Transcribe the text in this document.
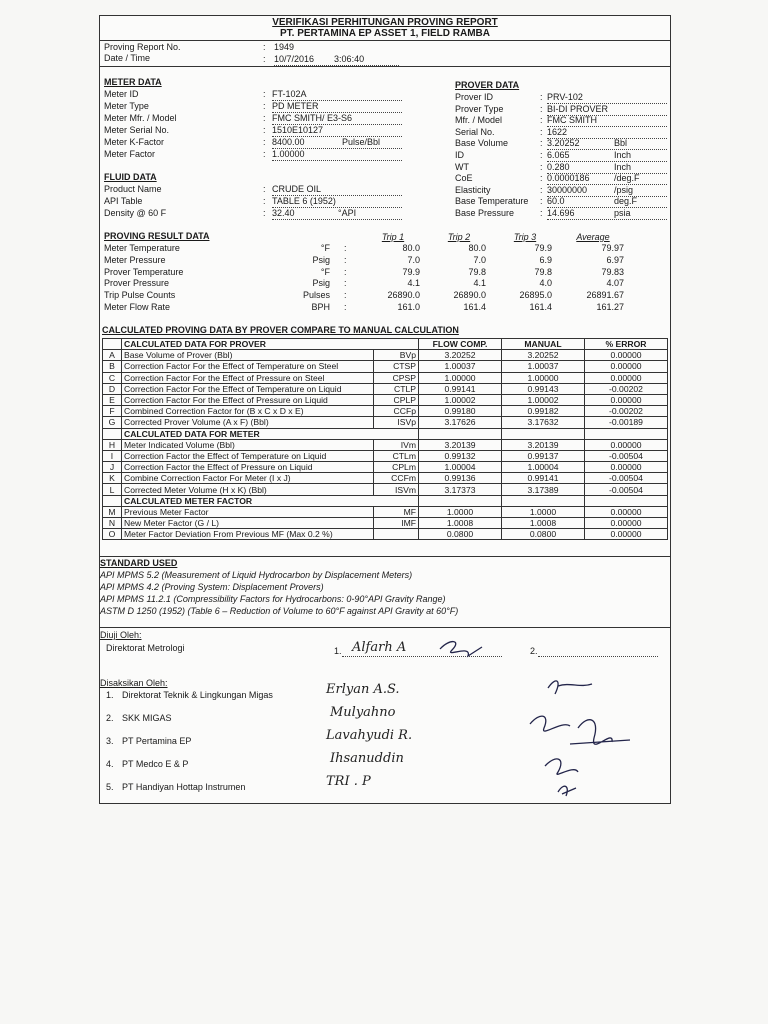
VERIFIKASI PERHITUNGAN PROVING REPORT
PT. PERTAMINA EP ASSET 1, FIELD RAMBA
Proving Report No.	: 1949
Date / Time	: 10/7/2016 3:06:40
METER DATA
Meter ID	: FT-102A
Meter Type	: PD METER
Meter Mfr. / Model	: FMC SMITH/ E3-S6
Meter Serial No.	: 1510E10127
Meter K-Factor	: 8400.00	Pulse/Bbl
Meter Factor	: 1.00000
PROVER DATA
Prover ID	: PRV-102
Prover Type	: BI-DI PROVER
Mfr. / Model	: FMC SMITH
Serial No.	: 1622
Base Volume	: 3.20252	Bbl
ID	: 6.065	Inch
WT	: 0.280	Inch
CoE	: 0.0000186	/deg.F
Elasticity	: 30000000	/psig
Base Temperature : 60.0	deg.F
Base Pressure	: 14.696	psia
FLUID DATA
Product Name	: CRUDE OIL
API Table	: TABLE 6 (1952)
Density @ 60 F	: 32.40	°API
PROVING RESULT DATA	Trip 1	Trip 2	Trip 3	Average
Meter Temperature	°F :	80.0	80.0	79.9	79.97
Meter Pressure	Psig :	7.0	7.0	6.9	6.97
Prover Temperature	°F :	79.9	79.8	79.8	79.83
Prover Pressure	Psig :	4.1	4.1	4.0	4.07
Trip Pulse Counts	Pulses :	26890.0	26890.0	26895.0	26891.67
Meter Flow Rate	BPH :	161.0	161.4	161.4	161.27
CALCULATED PROVING DATA BY PROVER COMPARE TO MANUAL CALCULATION
	CALCULATED DATA FOR PROVER		FLOW COMP.	MANUAL	% ERROR
A	Base Volume of Prover (Bbl)	BVp	3.20252	3.20252	0.00000
B	Correction Factor For the Effect of Temperature on Steel	CTSP	1.00037	1.00037	0.00000
C	Correction Factor For the Effect of Pressure on Steel	CPSP	1.00000	1.00000	0.00000
D	Correction Factor For the Effect of Temperature on Liquid	CTLP	0.99141	0.99143	-0.00202
E	Correction Factor For the Effect of Pressure on Liquid	CPLP	1.00002	1.00002	0.00000
F	Combined Correction Factor for (B x C x D x E)	CCFp	0.99180	0.99182	-0.00202
G	Corrected Prover Volume (A x F) (Bbl)	ISVp	3.17626	3.17632	-0.00189
	CALCULATED DATA FOR METER				
H	Meter Indicated Volume (Bbl)	IVm	3.20139	3.20139	0.00000
I	Correction Factor the Effect of Temperature on Liquid	CTLm	0.99132	0.99137	-0.00504
J	Correction Factor the Effect of Pressure on Liquid	CPLm	1.00004	1.00004	0.00000
K	Combine Correction Factor For Meter (I x J)	CCFm	0.99136	0.99141	-0.00504
L	Corrected Meter Volume (H x K) (Bbl)	ISVm	3.17373	3.17389	-0.00504
	CALCULATED METER FACTOR				
M	Previous Meter Factor	MF	1.0000	1.0000	0.00000
N	New Meter Factor (G / L)	IMF	1.0008	1.0008	0.00000
O	Meter Factor Deviation From Previous MF (Max 0.2 %)		0.0800	0.0800	0.00000
STANDARD USED
API MPMS 5.2 (Measurement of Liquid Hydrocarbon by Displacement Meters)
API MPMS 4.2 (Proving System: Displacement Provers)
API MPMS 11.2.1 (Compressibility Factors for Hydrocarbons: 0-90°API Gravity Range)
ASTM D 1250 (1952) (Table 6 – Reduction of Volume to 60°F against API Gravity at 60°F)
Diuji Oleh:
Direktorat Metrologi	1.	2.
Alfarh A
Disaksikan Oleh:
1. Direktorat Teknik & Lingkungan Migas	Erlyan A.S.
2. SKK MIGAS	Mulyahno
3. PT Pertamina EP	Lavahyudi R.
4. PT Medco E & P	Ihsanuddin
5. PT Handiyan Hottap Instrumen	TRI . P
